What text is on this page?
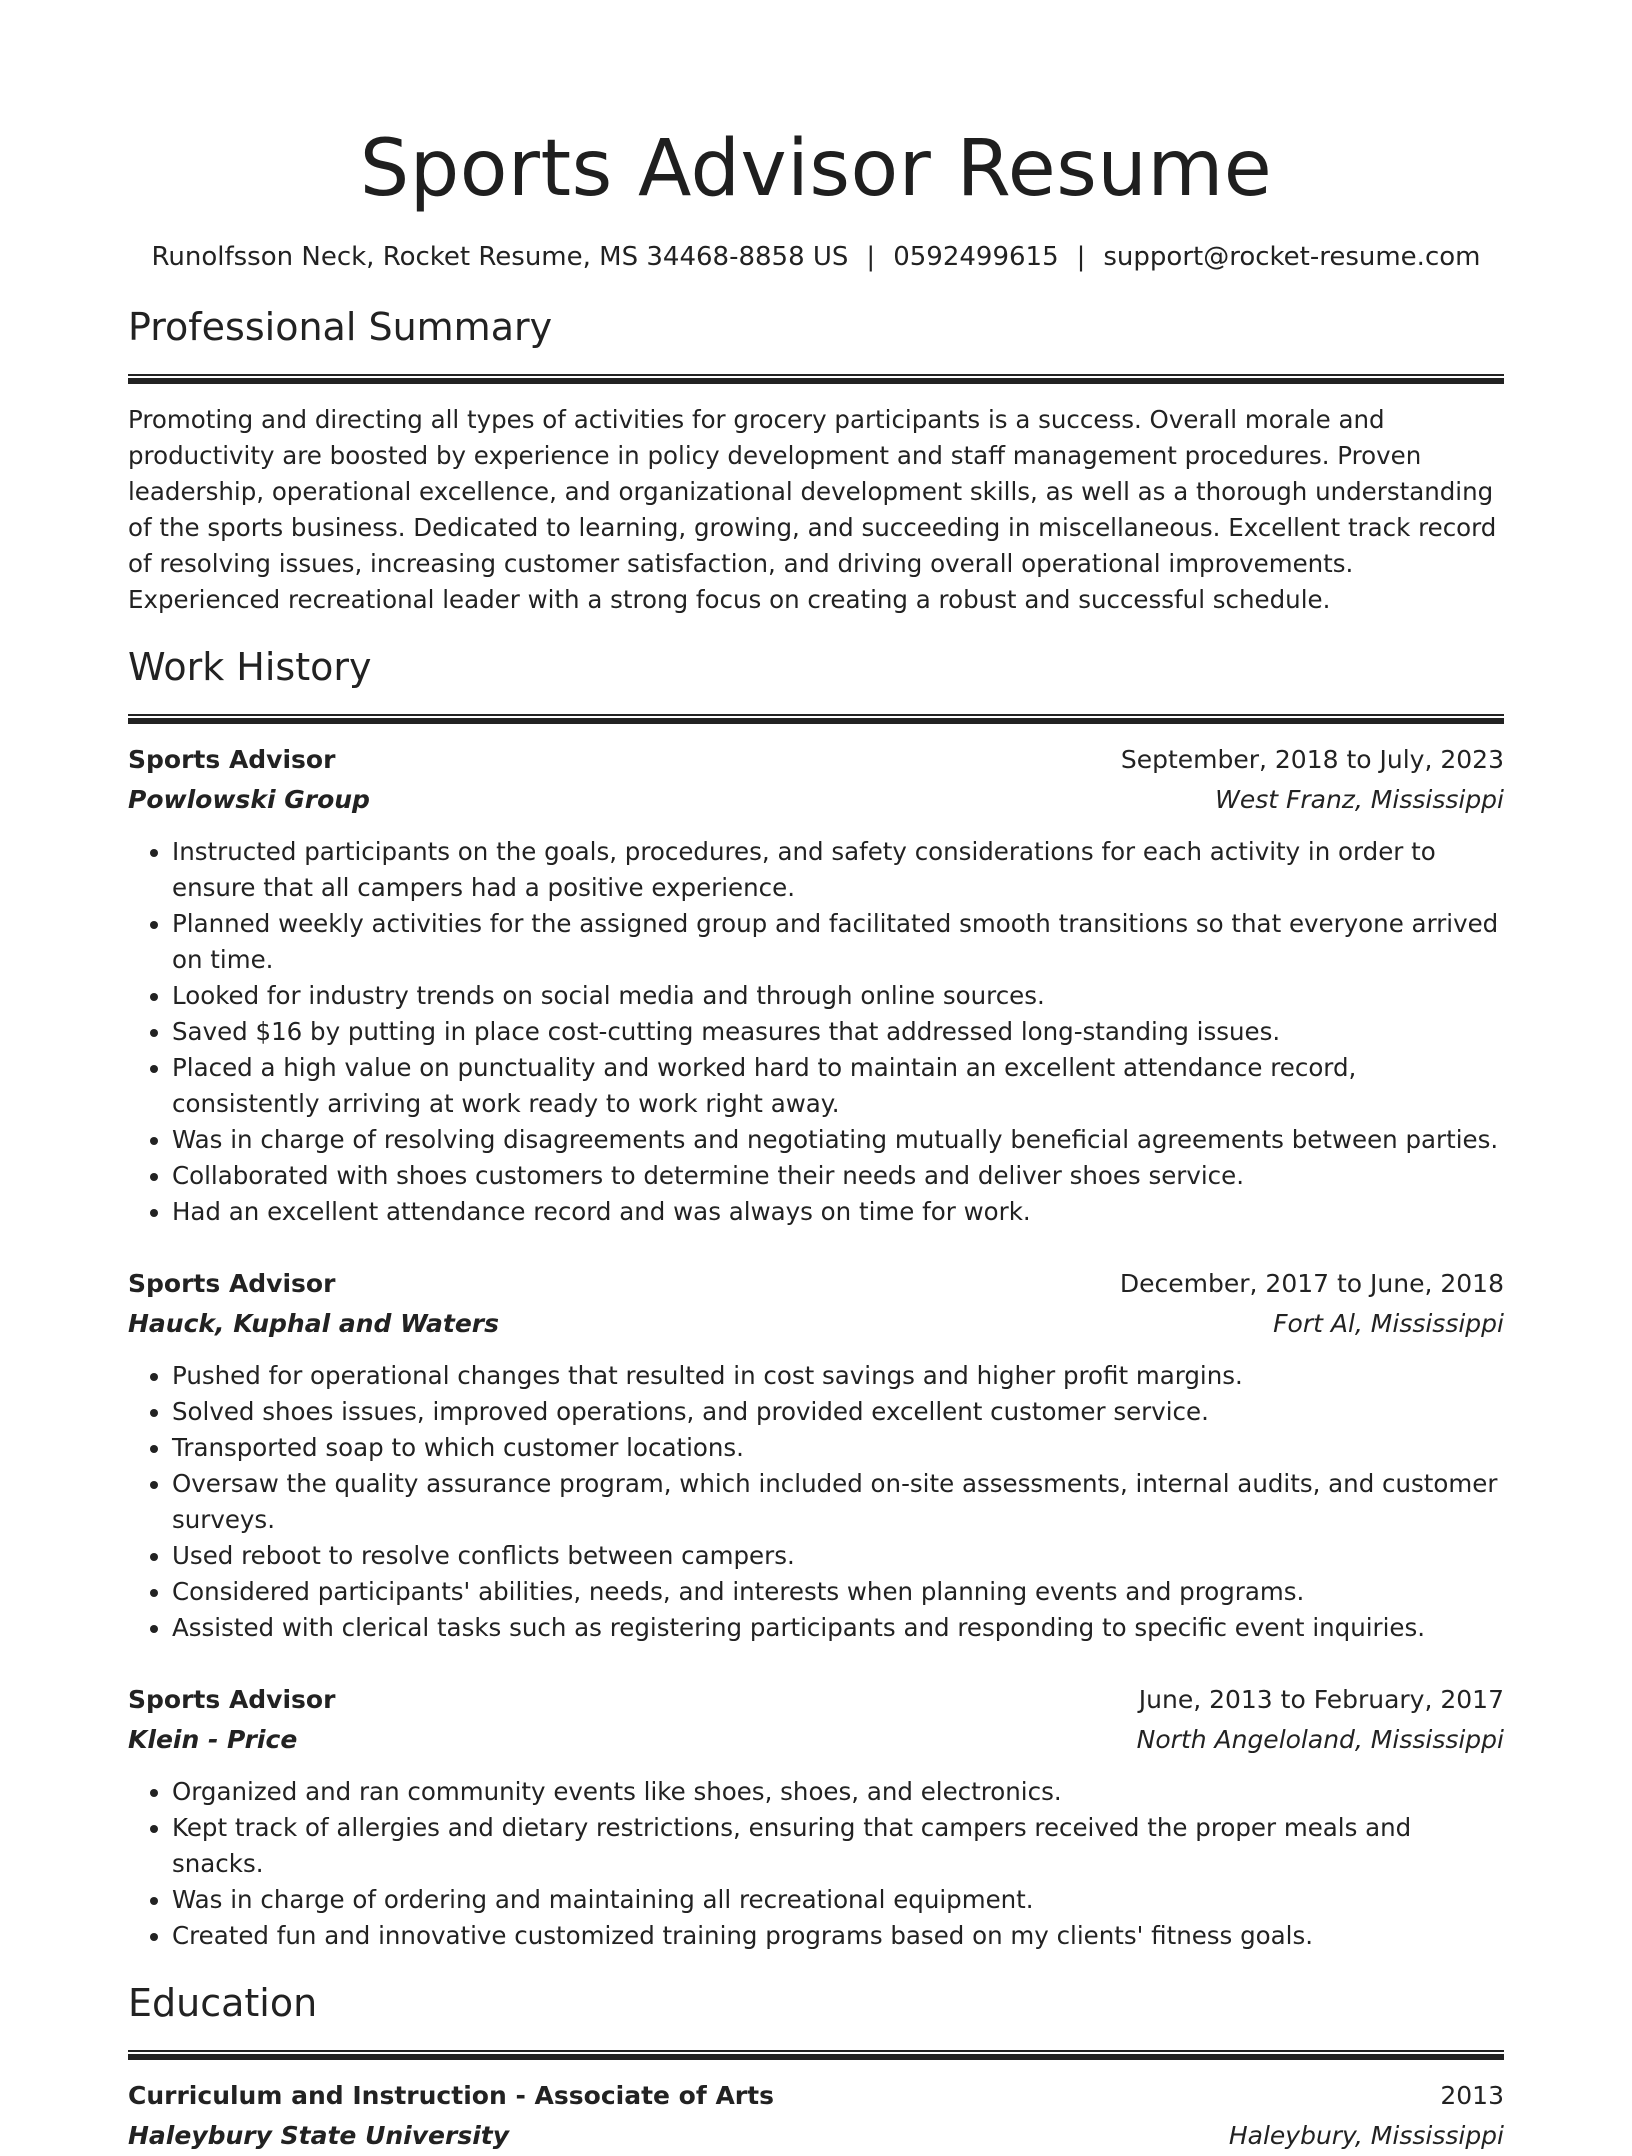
Sports Advisor Resume
Runolfsson Neck, Rocket Resume, MS 34468-8858 US | 0592499615 | support@rocket-resume.com
Professional Summary

Promoting and directing all types of activities for grocery participants is a success. Overall morale and productivity are boosted by experience in policy development and staff management procedures. Proven leadership, operational excellence, and organizational development skills, as well as a thorough understanding of the sports business. Dedicated to learning, growing, and succeeding in miscellaneous. Excellent track record of resolving issues, increasing customer satisfaction, and driving overall operational improvements. Experienced recreational leader with a strong focus on creating a robust and successful schedule.

Work History
Sports Advisor	September, 2018 to July, 2023
Powlowski Group	West Franz, Mississippi
• Instructed participants on the goals, procedures, and safety considerations for each activity in order to ensure that all campers had a positive experience.
• Planned weekly activities for the assigned group and facilitated smooth transitions so that everyone arrived on time.
• Looked for industry trends on social media and through online sources.
• Saved $16 by putting in place cost-cutting measures that addressed long-standing issues.
• Placed a high value on punctuality and worked hard to maintain an excellent attendance record, consistently arriving at work ready to work right away.
• Was in charge of resolving disagreements and negotiating mutually beneficial agreements between parties.
• Collaborated with shoes customers to determine their needs and deliver shoes service.
• Had an excellent attendance record and was always on time for work.
Sports Advisor	December, 2017 to June, 2018
Hauck, Kuphal and Waters	Fort Al, Mississippi
• Pushed for operational changes that resulted in cost savings and higher profit margins.
• Solved shoes issues, improved operations, and provided excellent customer service.
• Transported soap to which customer locations.
• Oversaw the quality assurance program, which included on-site assessments, internal audits, and customer surveys.
• Used reboot to resolve conflicts between campers.
• Considered participants' abilities, needs, and interests when planning events and programs.
• Assisted with clerical tasks such as registering participants and responding to specific event inquiries.
Sports Advisor	June, 2013 to February, 2017
Klein - Price	North Angeloland, Mississippi
• Organized and ran community events like shoes, shoes, and electronics.
• Kept track of allergies and dietary restrictions, ensuring that campers received the proper meals and snacks.
• Was in charge of ordering and maintaining all recreational equipment.
• Created fun and innovative customized training programs based on my clients' fitness goals.
Education
Curriculum and Instruction - Associate of Arts	2013
Haleybury State University	Haleybury, Mississippi
